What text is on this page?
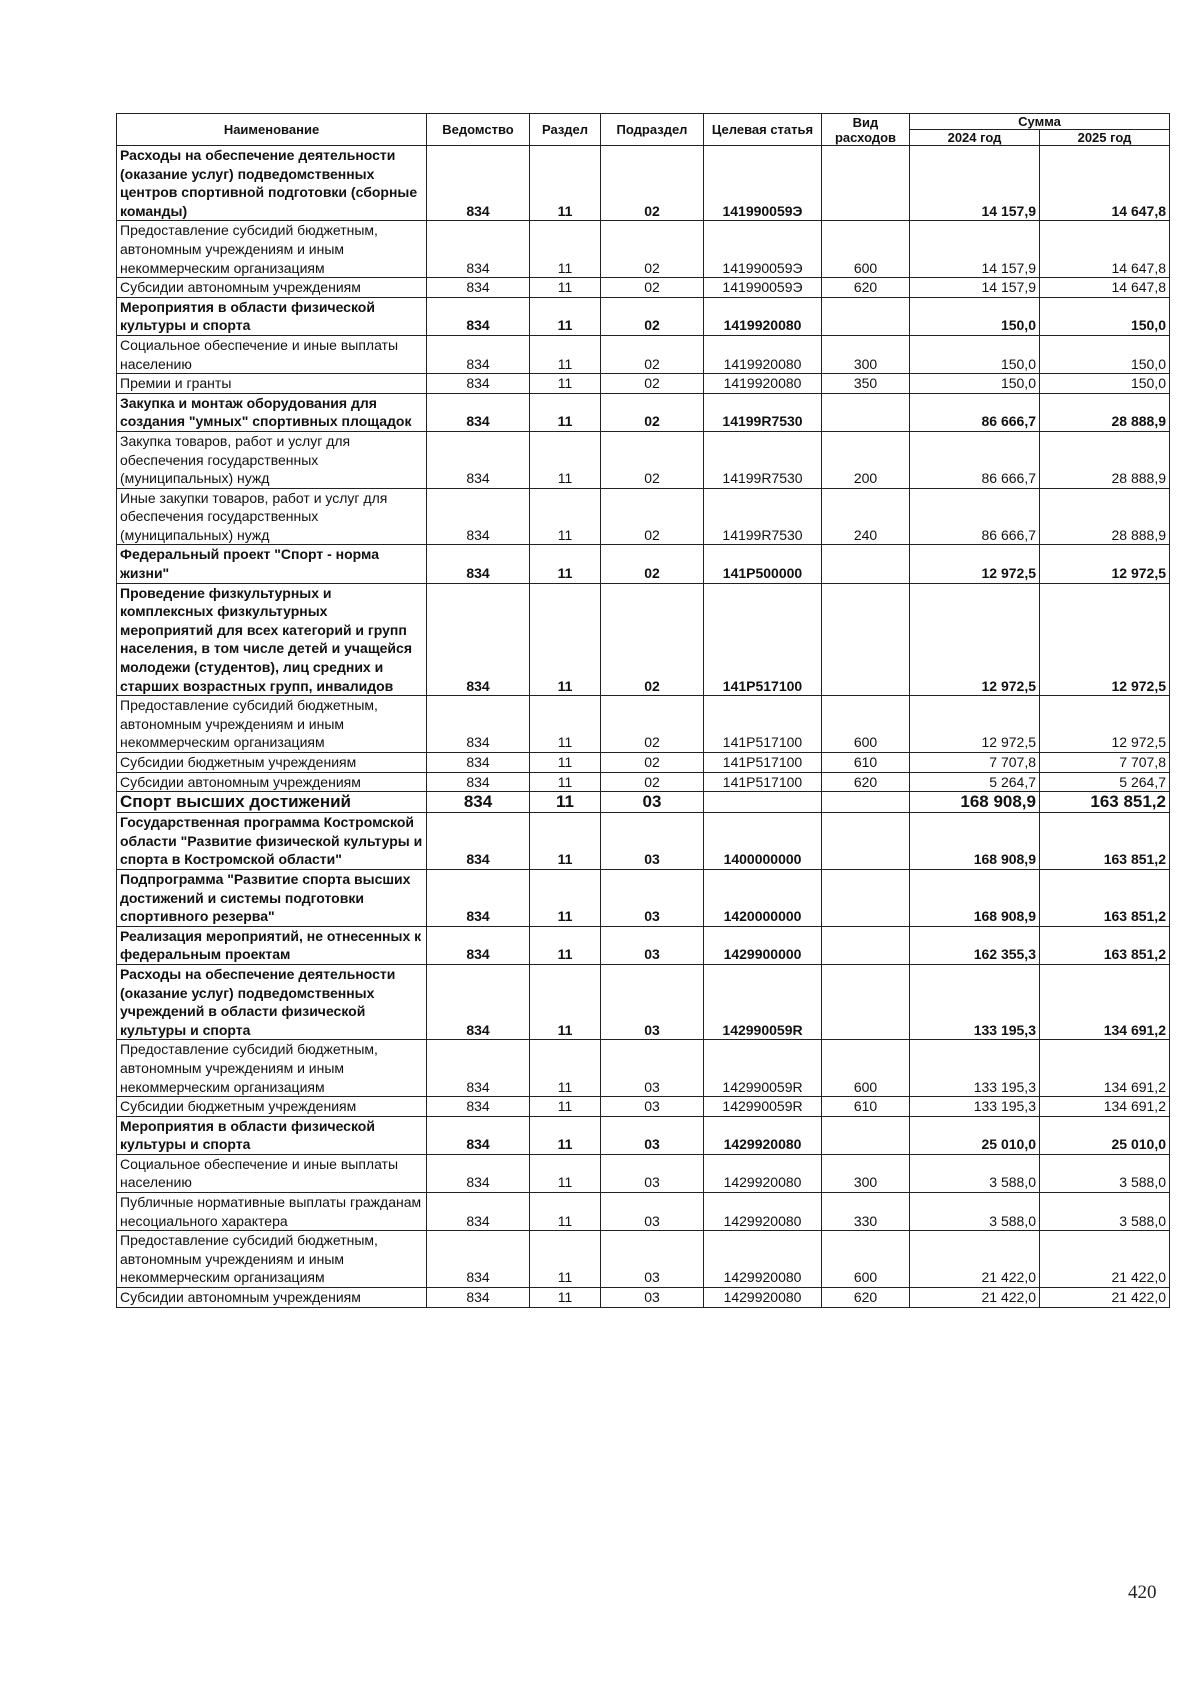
Наименование	Ведомство	Раздел	Подраздел	Целевая статья	Вид расходов	Сумма	
						2024 год	2025 год
Расходы на обеспечение деятельности (оказание услуг) подведомственных центров спортивной подготовки (сборные команды)	834	11	02	141990059Э		14 157,9	14 647,8
Предоставление субсидий бюджетным, автономным учреждениям и иным некоммерческим организациям	834	11	02	141990059Э	600	14 157,9	14 647,8
Субсидии автономным учреждениям	834	11	02	141990059Э	620	14 157,9	14 647,8
Мероприятия в области физической культуры и спорта	834	11	02	1419920080		150,0	150,0
Социальное обеспечение и иные выплаты населению	834	11	02	1419920080	300	150,0	150,0
Премии и гранты	834	11	02	1419920080	350	150,0	150,0
Закупка и монтаж оборудования для создания "умных" спортивных площадок	834	11	02	14199R7530		86 666,7	28 888,9
Закупка товаров, работ и услуг для обеспечения государственных (муниципальных) нужд	834	11	02	14199R7530	200	86 666,7	28 888,9
Иные закупки товаров, работ и услуг для обеспечения государственных (муниципальных) нужд	834	11	02	14199R7530	240	86 666,7	28 888,9
Федеральный проект "Спорт - норма жизни"	834	11	02	141P500000		12 972,5	12 972,5
Проведение физкультурных и комплексных физкультурных мероприятий для всех категорий и групп населения, в том числе детей и учащейся молодежи (студентов), лиц средних и старших возрастных групп, инвалидов	834	11	02	141P517100		12 972,5	12 972,5
Предоставление субсидий бюджетным, автономным учреждениям и иным некоммерческим организациям	834	11	02	141P517100	600	12 972,5	12 972,5
Субсидии бюджетным учреждениям	834	11	02	141P517100	610	7 707,8	7 707,8
Субсидии автономным учреждениям	834	11	02	141P517100	620	5 264,7	5 264,7
Спорт высших достижений	834	11	03			168 908,9	163 851,2
Государственная программа Костромской области "Развитие физической культуры и спорта в Костромской области"	834	11	03	1400000000		168 908,9	163 851,2
Подпрограмма "Развитие спорта высших достижений и системы подготовки спортивного резерва"	834	11	03	1420000000		168 908,9	163 851,2
Реализация мероприятий, не отнесенных к федеральным проектам	834	11	03	1429900000		162 355,3	163 851,2
Расходы на обеспечение деятельности (оказание услуг) подведомственных учреждений в области физической культуры и спорта	834	11	03	142990059R		133 195,3	134 691,2
Предоставление субсидий бюджетным, автономным учреждениям и иным некоммерческим организациям	834	11	03	142990059R	600	133 195,3	134 691,2
Субсидии бюджетным учреждениям	834	11	03	142990059R	610	133 195,3	134 691,2
Мероприятия в области физической культуры и спорта	834	11	03	1429920080		25 010,0	25 010,0
Социальное обеспечение и иные выплаты населению	834	11	03	1429920080	300	3 588,0	3 588,0
Публичные нормативные выплаты гражданам несоциального характера	834	11	03	1429920080	330	3 588,0	3 588,0
Предоставление субсидий бюджетным, автономным учреждениям и иным некоммерческим организациям	834	11	03	1429920080	600	21 422,0	21 422,0
Субсидии автономным учреждениям	834	11	03	1429920080	620	21 422,0	21 422,0
420
